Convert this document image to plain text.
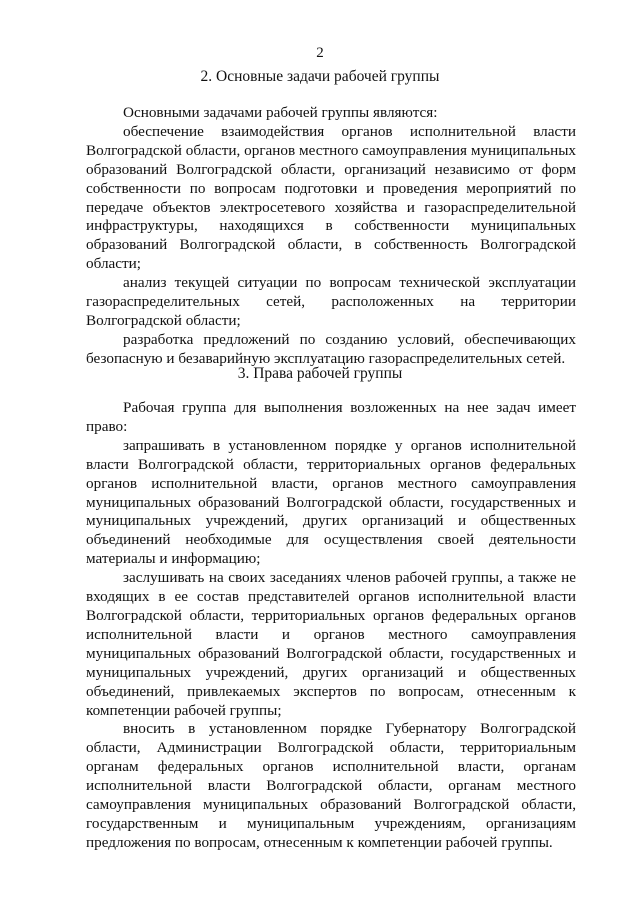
2
2. Основные задачи рабочей группы

Основными задачами рабочей группы являются:

обеспечение взаимодействия органов исполнительной власти Волгоградской области, органов местного самоуправления муниципальных образований Волгоградской области, организаций независимо от форм собственности по вопросам подготовки и проведения мероприятий по передаче объектов электросетевого хозяйства и газораспределительной инфраструктуры, находящихся в собственности муниципальных образований Волгоградской области, в собственность Волгоградской области;

анализ текущей ситуации по вопросам технической эксплуатации газораспределительных сетей, расположенных на территории Волгоградской области;

разработка предложений по созданию условий, обеспечивающих безопасную и безаварийную эксплуатацию газораспределительных сетей.

3. Права рабочей группы

Рабочая группа для выполнения возложенных на нее задач имеет право:

запрашивать в установленном порядке у органов исполнительной власти Волгоградской области, территориальных органов федеральных органов исполнительной власти, органов местного самоуправления муниципальных образований Волгоградской области, государственных и муниципальных учреждений, других организаций и общественных объединений необходимые для осуществления своей деятельности материалы и информацию;

заслушивать на своих заседаниях членов рабочей группы, а также не входящих в ее состав представителей органов исполнительной власти Волгоградской области, территориальных органов федеральных органов исполнительной власти и органов местного самоуправления муниципальных образований Волгоградской области, государственных и муниципальных учреждений, других организаций и общественных объединений, привлекаемых экспертов по вопросам, отнесенным к компетенции рабочей группы;

вносить в установленном порядке Губернатору Волгоградской области, Администрации Волгоградской области, территориальным органам федеральных органов исполнительной власти, органам исполнительной власти Волгоградской области, органам местного самоуправления муниципальных образований Волгоградской области, государственным и муниципальным учреждениям, организациям предложения по вопросам, отнесенным к компетенции рабочей группы.
